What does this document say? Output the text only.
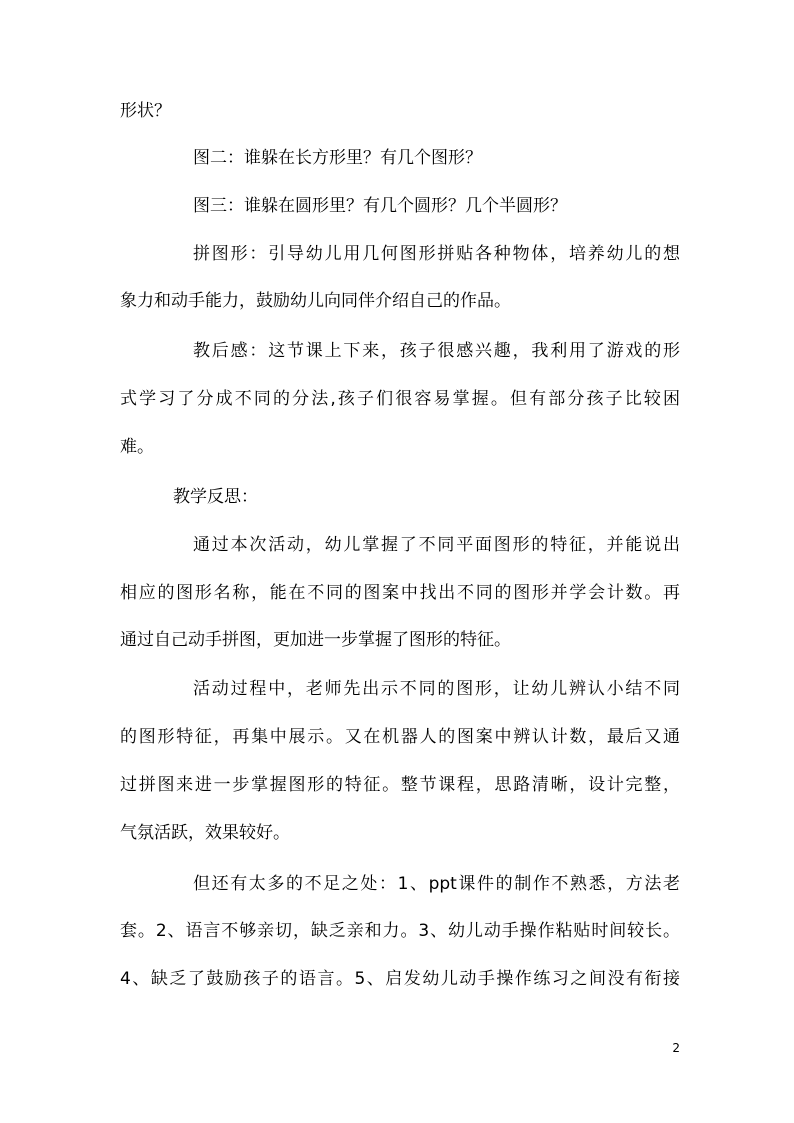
形状？
图二：谁躲在长方形里？有几个图形？
图三：谁躲在圆形里？有几个圆形？几个半圆形？
拼图形：引导幼儿用几何图形拼贴各种物体，培养幼儿的想
象力和动手能力，鼓励幼儿向同伴介绍自己的作品。
教后感：这节课上下来，孩子很感兴趣，我利用了游戏的形
式学习了分成不同的分法,孩子们很容易掌握。但有部分孩子比较困
难。
教学反思：
通过本次活动，幼儿掌握了不同平面图形的特征，并能说出
相应的图形名称，能在不同的图案中找出不同的图形并学会计数。再
通过自己动手拼图，更加进一步掌握了图形的特征。
活动过程中，老师先出示不同的图形，让幼儿辨认小结不同
的图形特征，再集中展示。又在机器人的图案中辨认计数，最后又通
过拼图来进一步掌握图形的特征。整节课程，思路清晰，设计完整，
气氛活跃，效果较好。
但还有太多的不足之处：1、ppt课件的制作不熟悉，方法老
套。2、语言不够亲切，缺乏亲和力。3、幼儿动手操作粘贴时间较长。
4、缺乏了鼓励孩子的语言。5、启发幼儿动手操作练习之间没有衔接
2
